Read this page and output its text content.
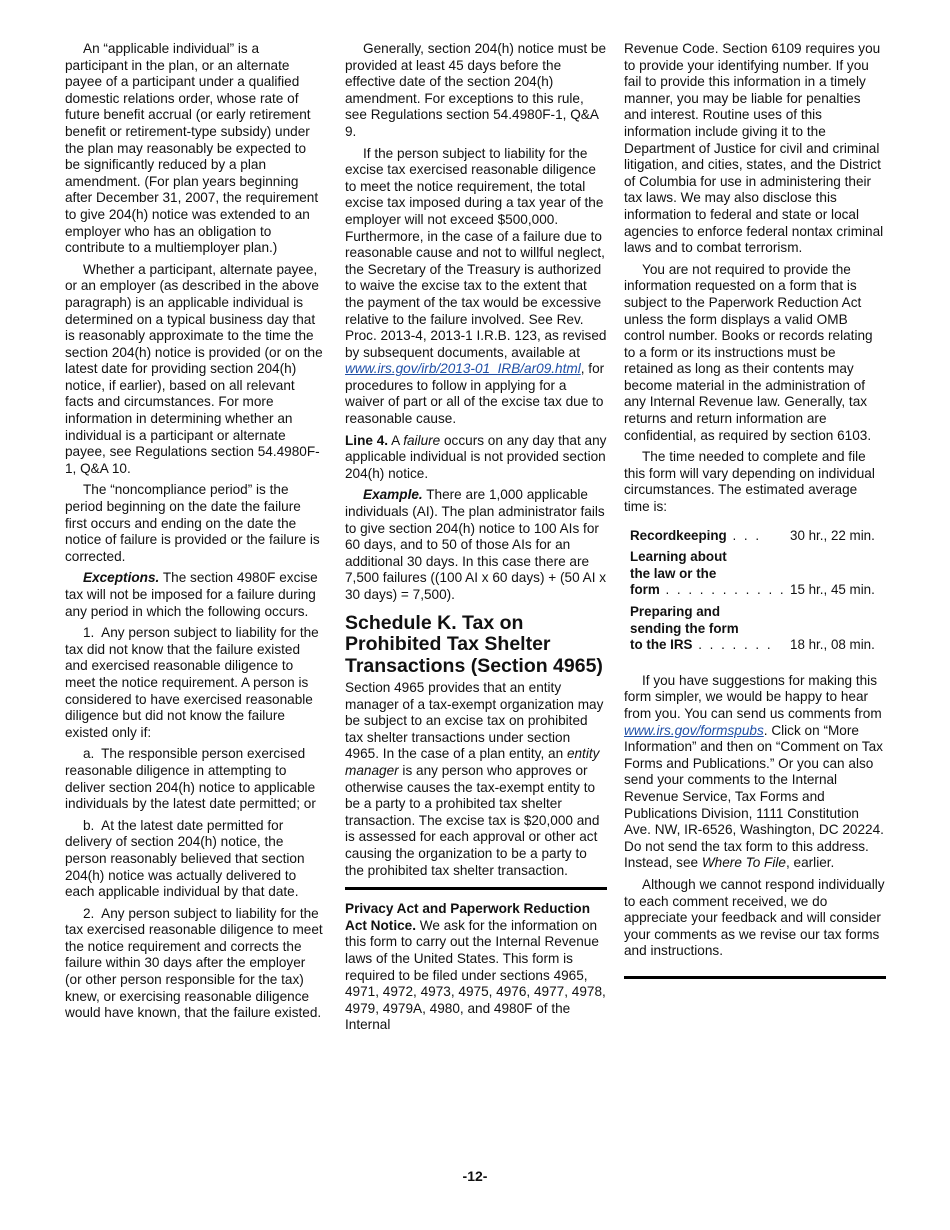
An “applicable individual” is a participant in the plan, or an alternate payee of a participant under a qualified domestic relations order, whose rate of future benefit accrual (or early retirement benefit or retirement-type subsidy) under the plan may reasonably be expected to be significantly reduced by a plan amendment. (For plan years beginning after December 31, 2007, the requirement to give 204(h) notice was extended to an employer who has an obligation to contribute to a multiemployer plan.)

Whether a participant, alternate payee, or an employer (as described in the above paragraph) is an applicable individual is determined on a typical business day that is reasonably approximate to the time the section 204(h) notice is provided (or on the latest date for providing section 204(h) notice, if earlier), based on all relevant facts and circumstances. For more information in determining whether an individual is a participant or alternate payee, see Regulations section 54.4980F-1, Q&A 10.

The “noncompliance period” is the period beginning on the date the failure first occurs and ending on the date the notice of failure is provided or the failure is corrected.

Exceptions. The section 4980F excise tax will not be imposed for a failure during any period in which the following occurs.

1. Any person subject to liability for the tax did not know that the failure existed and exercised reasonable diligence to meet the notice requirement. A person is considered to have exercised reasonable diligence but did not know the failure existed only if:

a. The responsible person exercised reasonable diligence in attempting to deliver section 204(h) notice to applicable individuals by the latest date permitted; or

b. At the latest date permitted for delivery of section 204(h) notice, the person reasonably believed that section 204(h) notice was actually delivered to each applicable individual by that date.

2. Any person subject to liability for the tax exercised reasonable diligence to meet the notice requirement and corrects the failure within 30 days after the employer (or other person responsible for the tax) knew, or exercising reasonable diligence would have known, that the failure existed.

Generally, section 204(h) notice must be provided at least 45 days before the effective date of the section 204(h) amendment. For exceptions to this rule, see Regulations section 54.4980F-1, Q&A 9.

If the person subject to liability for the excise tax exercised reasonable diligence to meet the notice requirement, the total excise tax imposed during a tax year of the employer will not exceed $500,000. Furthermore, in the case of a failure due to reasonable cause and not to willful neglect, the Secretary of the Treasury is authorized to waive the excise tax to the extent that the payment of the tax would be excessive relative to the failure involved. See Rev. Proc. 2013-4, 2013-1 I.R.B. 123, as revised by subsequent documents, available at www.irs.gov/irb/2013-01_IRB/ar09.html, for procedures to follow in applying for a waiver of part or all of the excise tax due to reasonable cause.

Line 4. A failure occurs on any day that any applicable individual is not provided section 204(h) notice.

Example. There are 1,000 applicable individuals (AI). The plan administrator fails to give section 204(h) notice to 100 AIs for 60 days, and to 50 of those AIs for an additional 30 days. In this case there are 7,500 failures ((100 AI x 60 days) + (50 AI x 30 days) = 7,500).

Schedule K. Tax on Prohibited Tax Shelter Transactions (Section 4965)

Section 4965 provides that an entity manager of a tax-exempt organization may be subject to an excise tax on prohibited tax shelter transactions under section 4965. In the case of a plan entity, an entity manager is any person who approves or otherwise causes the tax-exempt entity to be a party to a prohibited tax shelter transaction. The excise tax is $20,000 and is assessed for each approval or other act causing the organization to be a party to the prohibited tax shelter transaction.

Privacy Act and Paperwork Reduction Act Notice. We ask for the information on this form to carry out the Internal Revenue laws of the United States. This form is required to be filed under sections 4965, 4971, 4972, 4973, 4975, 4976, 4977, 4978, 4979, 4979A, 4980, and 4980F of the Internal

Revenue Code. Section 6109 requires you to provide your identifying number. If you fail to provide this information in a timely manner, you may be liable for penalties and interest. Routine uses of this information include giving it to the Department of Justice for civil and criminal litigation, and cities, states, and the District of Columbia for use in administering their tax laws. We may also disclose this information to federal and state or local agencies to enforce federal nontax criminal laws and to combat terrorism.

You are not required to provide the information requested on a form that is subject to the Paperwork Reduction Act unless the form displays a valid OMB control number. Books or records relating to a form or its instructions must be retained as long as their contents may become material in the administration of any Internal Revenue law. Generally, tax returns and return information are confidential, as required by section 6103.

The time needed to complete and file this form will vary depending on individual circumstances. The estimated average time is:

Recordkeeping . . .	30 hr., 22 min.
Learning about
the law or the
form . . . . . . . . . . .	15 hr., 45 min.
Preparing and
sending the form
to the IRS . . . . . . .	18 hr., 08 min.

If you have suggestions for making this form simpler, we would be happy to hear from you. You can send us comments from www.irs.gov/formspubs. Click on “More Information” and then on “Comment on Tax Forms and Publications.” Or you can also send your comments to the Internal Revenue Service, Tax Forms and Publications Division, 1111 Constitution Ave. NW, IR-6526, Washington, DC 20224. Do not send the tax form to this address. Instead, see Where To File, earlier.

Although we cannot respond individually to each comment received, we do appreciate your feedback and will consider your comments as we revise our tax forms and instructions.

-12-
